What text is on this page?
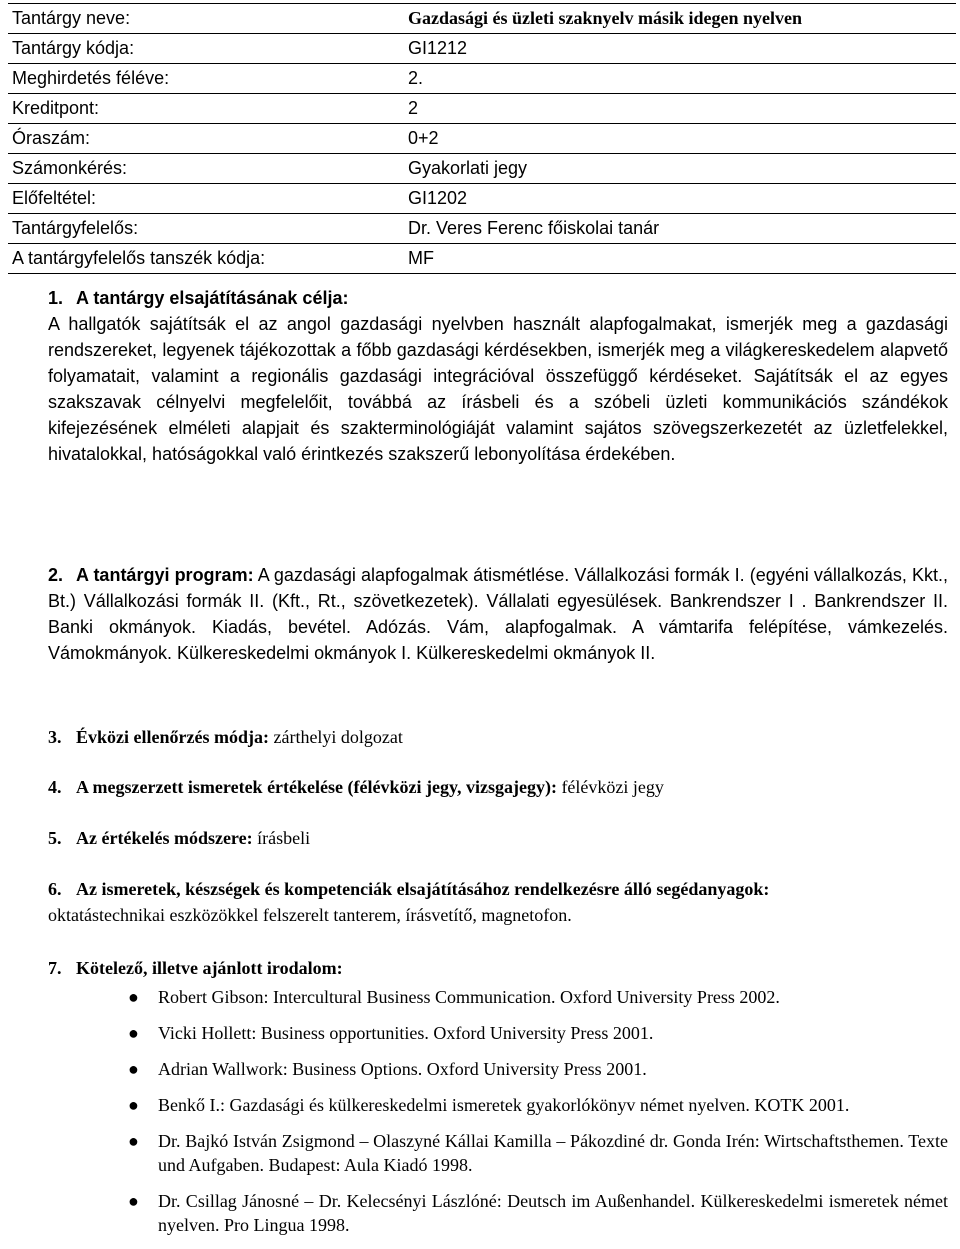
Tantárgy neve:	Gazdasági és üzleti szaknyelv másik idegen nyelven
Tantárgy kódja:	GI1212
Meghirdetés féléve:	2.
Kreditpont:	2
Óraszám:	0+2
Számonkérés:	Gyakorlati jegy
Előfeltétel:	GI1202
Tantárgyfelelős:	Dr. Veres Ferenc főiskolai tanár
A tantárgyfelelős tanszék kódja:	MF
1. A tantárgy elsajátításának célja:
A hallgatók sajátítsák el az angol gazdasági nyelvben használt alapfogalmakat, ismerjék meg a gazdasági rendszereket, legyenek tájékozottak a főbb gazdasági kérdésekben, ismerjék meg a világkereskedelem alapvető folyamatait, valamint a regionális gazdasági integrációval összefüggő kérdéseket. Sajátítsák el az egyes szakszavak célnyelvi megfelelőit, továbbá az írásbeli és a szóbeli üzleti kommunikációs szándékok kifejezésének elméleti alapjait és szakterminológiáját valamint sajátos szövegszerkezetét az üzletfelekkel, hivatalokkal, hatóságokkal való érintkezés szakszerű lebonyolítása érdekében.
2. A tantárgyi program: A gazdasági alapfogalmak átismétlése. Vállalkozási formák I. (egyéni vállalkozás, Kkt., Bt.) Vállalkozási formák II. (Kft., Rt., szövetkezetek). Vállalati egyesülések. Bankrendszer I . Bankrendszer II. Banki okmányok. Kiadás, bevétel. Adózás. Vám, alapfogalmak. A vámtarifa felépítése, vámkezelés. Vámokmányok. Külkereskedelmi okmányok I. Külkereskedelmi okmányok II.
3. Évközi ellenőrzés módja: zárthelyi dolgozat
4. A megszerzett ismeretek értékelése (félévközi jegy, vizsgajegy): félévközi jegy
5. Az értékelés módszere: írásbeli
6. Az ismeretek, készségek és kompetenciák elsajátításához rendelkezésre álló segédanyagok:
oktatástechnikai eszközökkel felszerelt tanterem, írásvetítő, magnetofon.
7. Kötelező, illetve ajánlott irodalom:
● Robert Gibson: Intercultural Business Communication. Oxford University Press 2002.
● Vicki Hollett: Business opportunities. Oxford University Press 2001.
● Adrian Wallwork: Business Options. Oxford University Press 2001.
● Benkő I.: Gazdasági és külkereskedelmi ismeretek gyakorlókönyv német nyelven. KOTK 2001.
● Dr. Bajkó István Zsigmond – Olaszyné Kállai Kamilla – Pákozdiné dr. Gonda Irén: Wirtschaftsthemen. Texte und Aufgaben. Budapest: Aula Kiadó 1998.
● Dr. Csillag Jánosné – Dr. Kelecsényi Lászlóné: Deutsch im Außenhandel. Külkereskedelmi ismeretek német nyelven. Pro Lingua 1998.
